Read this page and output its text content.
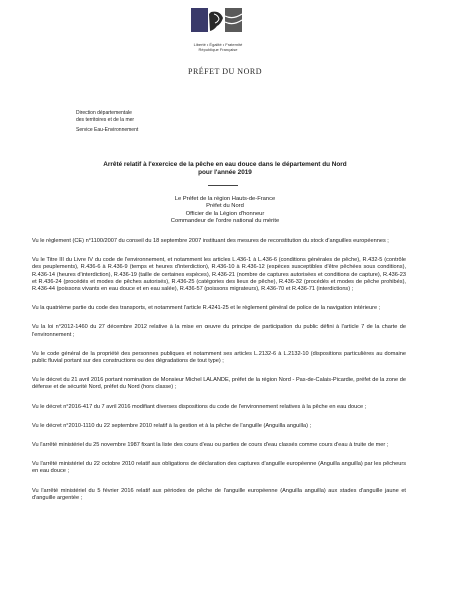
Liberté • Égalité • Fraternité
République Française
PRÉFET DU NORD
Direction départementale
des territoires et de la mer
Service Eau-Environnement
Arrêté relatif à l'exercice de la pêche en eau douce dans le département du Nord
pour l'année 2019
Le Préfet de la région Hauts-de-France
Préfet du Nord
Officier de la Légion d'honneur
Commandeur de l'ordre national du mérite

Vu le règlement (CE) n°1100/2007 du conseil du 18 septembre 2007 instituant des mesures de reconstitution du stock d'anguilles européennes ;

Vu le Titre III du Livre IV du code de l'environnement, et notamment les articles L.436-1 à L.436-6 (conditions générales de pêche), R.432-5 (contrôle des peuplements), R.436-6 à R.436-9 (temps et heures d'interdiction), R.436-10 à R.436-12 (espèces susceptibles d'être pêchées sous conditions), R.436-14 (heures d'interdiction), R.436-19 (taille de certaines espèces), R.436-21 (nombre de captures autorisées et conditions de capture), R.436-23 et R.436-24 (procédés et modes de pêches autorisés), R.436-25 (catégories des lieux de pêche), R.436-32 (procédés et modes de pêche prohibés), R.436-44 (poissons vivants en eau douce et en eau salée), R.436-57 (poissons migrateurs), R.436-70 et R.436-71 (interdictions) ;

Vu la quatrième partie du code des transports, et notamment l'article R.4241-25 et le règlement général de police de la navigation intérieure ;

Vu la loi n°2012-1460 du 27 décembre 2012 relative à la mise en œuvre du principe de participation du public défini à l'article 7 de la charte de l'environnement ;

Vu le code général de la propriété des personnes publiques et notamment ses articles L.2132-6 à L.2132-10 (dispositions particulières au domaine public fluvial portant sur des constructions ou des dégradations de tout type) ;

Vu le décret du 21 avril 2016 portant nomination de Monsieur Michel LALANDE, préfet de la région Nord - Pas-de-Calais-Picardie, préfet de la zone de défense et de sécurité Nord, préfet du Nord (hors classe) ;

Vu le décret n°2016-417 du 7 avril 2016 modifiant diverses dispositions du code de l'environnement relatives à la pêche en eau douce ;

Vu le décret n°2010-1110 du 22 septembre 2010 relatif à la gestion et à la pêche de l'anguille (Anguilla anguilla) ;

Vu l'arrêté ministériel du 25 novembre 1987 fixant la liste des cours d'eau ou parties de cours d'eau classés comme cours d'eau à truite de mer ;

Vu l'arrêté ministériel du 22 octobre 2010 relatif aux obligations de déclaration des captures d'anguille européenne (Anguilla anguilla) par les pêcheurs en eau douce ;

Vu l'arrêté ministériel du 5 février 2016 relatif aux périodes de pêche de l'anguille européenne (Anguilla anguilla) aux stades d'anguille jaune et d'anguille argentée ;
